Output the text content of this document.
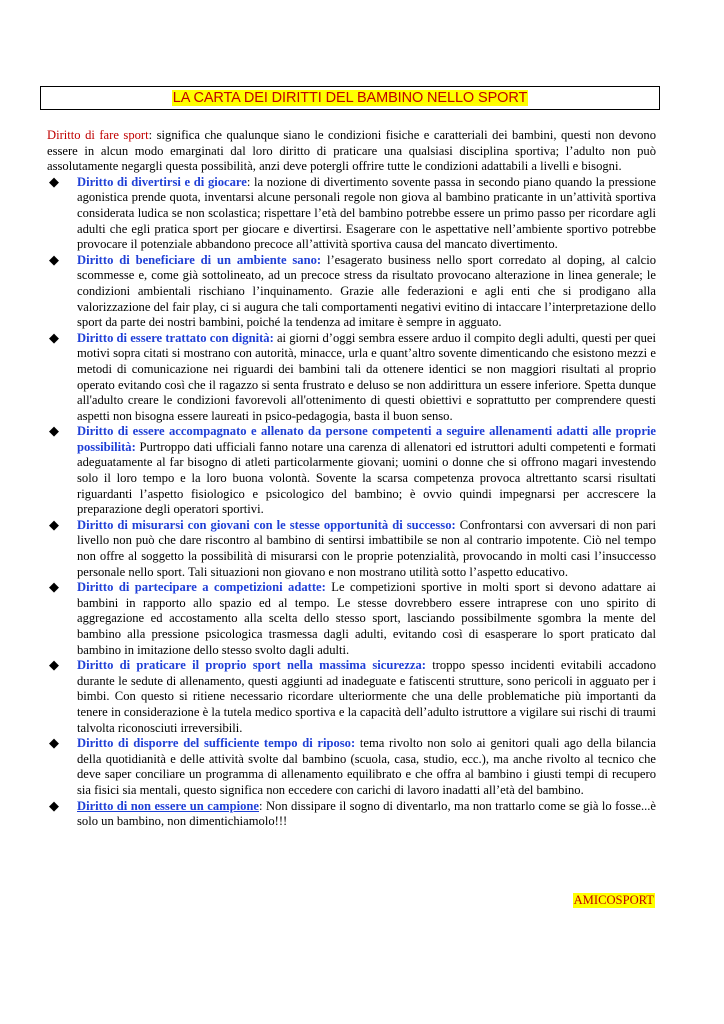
LA CARTA DEI DIRITTI DEL BAMBINO NELLO SPORT

Diritto di fare sport: significa che qualunque siano le condizioni fisiche e caratteriali dei bambini, questi non devono essere in alcun modo emarginati dal loro diritto di praticare una qualsiasi disciplina sportiva; l’adulto non può assolutamente negargli questa possibilità, anzi deve potergli offrire tutte le condizioni adattabili a livelli e bisogni.

◆ Diritto di divertirsi e di giocare: la nozione di divertimento sovente passa in secondo piano quando la pressione agonistica prende quota, inventarsi alcune personali regole non giova al bambino praticante in un’attività sportiva considerata ludica se non scolastica; rispettare l’età del bambino potrebbe essere un primo passo per ricordare agli adulti che egli pratica sport per giocare e divertirsi. Esagerare con le aspettative nell’ambiente sportivo potrebbe provocare il potenziale abbandono precoce all’attività sportiva causa del mancato divertimento.
◆ Diritto di beneficiare di un ambiente sano: l’esagerato business nello sport corredato al doping, al calcio scommesse e, come già sottolineato, ad un precoce stress da risultato provocano alterazione in linea generale; le condizioni ambientali rischiano l’inquinamento. Grazie alle federazioni e agli enti che si prodigano alla valorizzazione del fair play, ci si augura che tali comportamenti negativi evitino di intaccare l’interpretazione dello sport da parte dei nostri bambini, poiché la tendenza ad imitare è sempre in agguato.
◆ Diritto di essere trattato con dignità: ai giorni d’oggi sembra essere arduo il compito degli adulti, questi per quei motivi sopra citati si mostrano con autorità, minacce, urla e quant’altro sovente dimenticando che esistono mezzi e metodi di comunicazione nei riguardi dei bambini tali da ottenere identici se non maggiori risultati al proprio operato evitando così che il ragazzo si senta frustrato e deluso se non addirittura un essere inferiore. Spetta dunque all'adulto creare le condizioni favorevoli all'ottenimento di questi obiettivi e soprattutto per comprendere questi aspetti non bisogna essere laureati in psico-pedagogia, basta il buon senso.
◆ Diritto di essere accompagnato e allenato da persone competenti a seguire allenamenti adatti alle proprie possibilità: Purtroppo dati ufficiali fanno notare una carenza di allenatori ed istruttori adulti competenti e formati adeguatamente al far bisogno di atleti particolarmente giovani; uomini o donne che si offrono magari investendo solo il loro tempo e la loro buona volontà. Sovente la scarsa competenza provoca altrettanto scarsi risultati riguardanti l’aspetto fisiologico e psicologico del bambino; è ovvio quindi impegnarsi per accrescere la preparazione degli operatori sportivi.
◆ Diritto di misurarsi con giovani con le stesse opportunità di successo: Confrontarsi con avversari di non pari livello non può che dare riscontro al bambino di sentirsi imbattibile se non al contrario impotente. Ciò nel tempo non offre al soggetto la possibilità di misurarsi con le proprie potenzialità, provocando in molti casi l’insuccesso personale nello sport. Tali situazioni non giovano e non mostrano utilità sotto l’aspetto educativo.
◆ Diritto di partecipare a competizioni adatte: Le competizioni sportive in molti sport si devono adattare ai bambini in rapporto allo spazio ed al tempo. Le stesse dovrebbero essere intraprese con uno spirito di aggregazione ed accostamento alla scelta dello stesso sport, lasciando possibilmente sgombra la mente del bambino alla pressione psicologica trasmessa dagli adulti, evitando così di esasperare lo sport praticato dal bambino in imitazione dello stesso svolto dagli adulti.
◆ Diritto di praticare il proprio sport nella massima sicurezza: troppo spesso incidenti evitabili accadono durante le sedute di allenamento, questi aggiunti ad inadeguate e fatiscenti strutture, sono pericoli in agguato per i bimbi. Con questo si ritiene necessario ricordare ulteriormente che una delle problematiche più importanti da tenere in considerazione è la tutela medico sportiva e la capacità dell’adulto istruttore a vigilare sui rischi di traumi talvolta riconosciuti irreversibili.
◆ Diritto di disporre del sufficiente tempo di riposo: tema rivolto non solo ai genitori quali ago della bilancia della quotidianità e delle attività svolte dal bambino (scuola, casa, studio, ecc.), ma anche rivolto al tecnico che deve saper conciliare un programma di allenamento equilibrato e che offra al bambino i giusti tempi di recupero sia fisici sia mentali, questo significa non eccedere con carichi di lavoro inadatti all’età del bambino.
◆ Diritto di non essere un campione: Non dissipare il sogno di diventarlo, ma non trattarlo come se già lo fosse...è solo un bambino, non dimentichiamolo!!!
AMICOSPORT
